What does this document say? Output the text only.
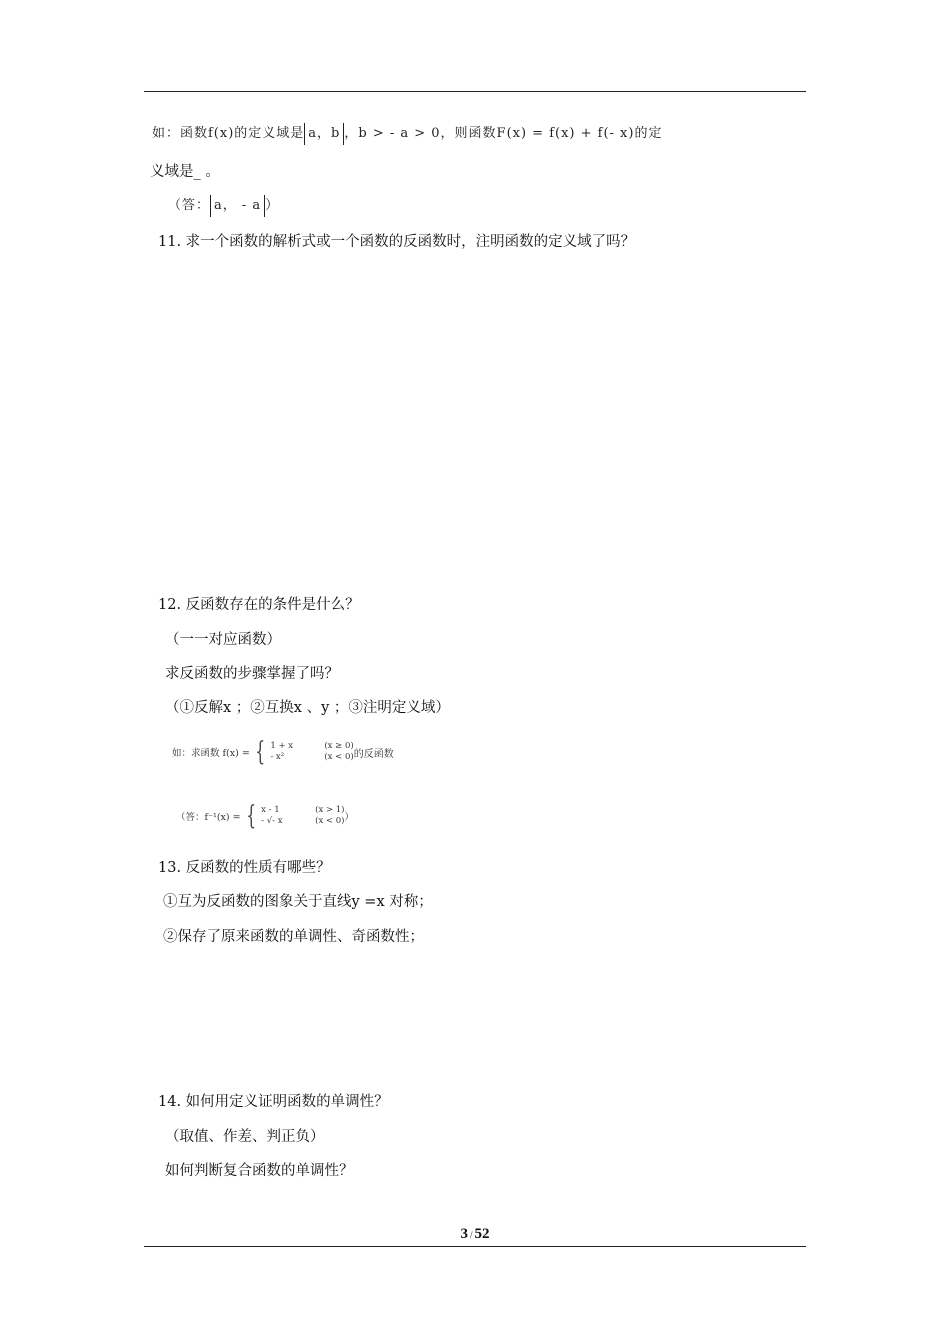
如：函数f(x)的定义域是 a，b ，b > - a > 0，则函数F(x) = f(x) + f(- x)的定
义域是_ 。
（答： a， - a ）
11. 求一个函数的解析式或一个函数的反函数时，注明函数的定义域了吗？
12. 反函数存在的条件是什么？
（一一对应函数）
求反函数的步骤掌握了吗？
（①反解x ；②互换x 、y ；③注明定义域）
如：求函数 f(x) = { 1 + x	(x ≥ 0)
- x²	(x < 0) 的反函数
（答：f⁻¹(x) = { x - 1	(x > 1)
- √- x	(x < 0) ）
13. 反函数的性质有哪些？
①互为反函数的图象关于直线y =x 对称；
②保存了原来函数的单调性、奇函数性；
14. 如何用定义证明函数的单调性？
（取值、作差、判正负）
如何判断复合函数的单调性？
3 / 52
